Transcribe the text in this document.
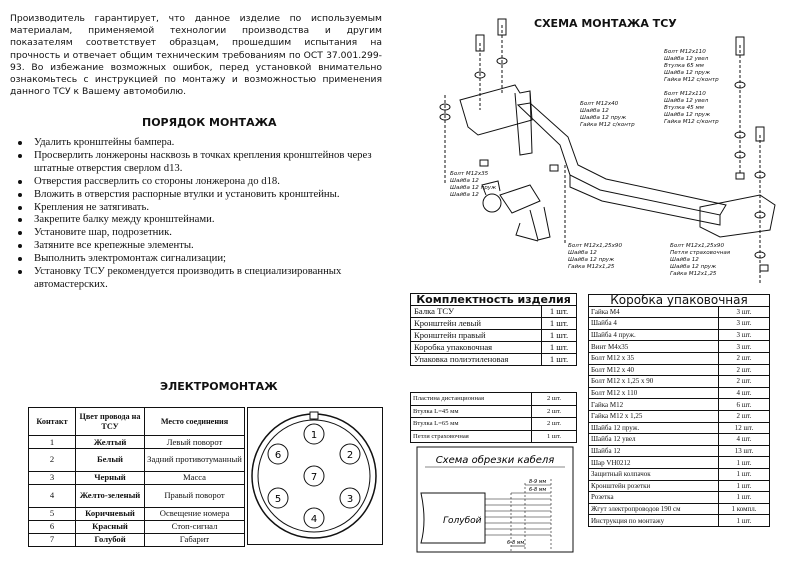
Производитель гарантирует, что данное изделие по используемым материалам, применяемой технологии производства и другим показателям соответствует образцам, прошедшим испытания на прочность и отвечает общим техническим требованиям по ОСТ 37.001.299-93. Во избежание возможных ошибок, перед установкой внимательно ознакомьтесь с инструкцией по монтажу и возможностью применения данного ТСУ к Вашему автомобилю.
ПОРЯДОК МОНТАЖА
Удалить кронштейны бампера.
Просверлить лонжероны насквозь в точках крепления кронштейнов через штатные отверстия сверлом d13.
Отверстия рассверлить со стороны лонжерона до d18.
Вложить в отверстия распорные втулки и установить кронштейны.
Крепления не затягивать.
Закрепите балку между кронштейнами.
Установите шар, подрозетник.
Затяните все крепежные элементы.
Выполнить электромонтаж сигнализации;
Установку ТСУ рекомендуется производить в специализированных автомастерских.
ЭЛЕКТРОМОНТАЖ
Контакт	Цвет провода на ТСУ	Место соединения
1	Желтый	Левый поворот
2	Белый	Задний противотуманный
3	Черный	Масса
4	Желто-зеленый	Правый поворот
5	Коричневый	Освещение номера
6	Красный	Стоп-сигнал
7	Голубой	Габарит
1
6	2
7
5	3
4
СХЕМА МОНТАЖА ТСУ
Болт М12х110
Шайба 12 увел
Втулка 65 мм
Шайба 12 пруж
Гайка М12 с/контр
Болт М12х110
Шайба 12 увел
Втулка 45 мм
Шайба 12 пруж
Гайка М12 с/контр
Болт М12х40
Шайба 12
Шайба 12 пруж
Гайка М12 с/контр
Болт М12х35
Шайба 12
Шайба 12 пруж
Шайба 12
Болт М12х1,25х90
Шайба 12
Шайба 12 пруж
Гайка М12х1,25
Болт М12х1,25х90
Петля страховочная
Шайба 12
Шайба 12 пруж
Гайка М12х1,25
Комплектность изделия	
Балка ТСУ	1 шт.
Кронштейн левый	1 шт.
Кронштейн правый	1 шт.
Коробка упаковочная	1 шт.
Упаковка полиэтиленовая	1 шт.
Пластина дистанционная	2 шт.
Втулка L=45 мм	2 шт.
Втулка L=65 мм	2 шт.
Петля страховочная	1 шт.
Схема обрезки кабеля
Голубой
8-9 мм
6-8 мм
6-8 мм
Коробка упаковочная	
Гайка М4	3 шт.
Шайба 4	3 шт.
Шайба 4 пруж.	3 шт.
Винт М4х35	3 шт.
Болт М12 х 35	2 шт.
Болт М12 х 40	2 шт.
Болт М12 х 1,25 х 90	2 шт.
Болт М12 х 110	4 шт.
Гайка М12	6 шт.
Гайка М12 х 1,25	2 шт.
Шайба 12 пруж.	12 шт.
Шайба 12 увел	4 шт.
Шайба 12	13 шт.
Шар VH0212	1 шт.
Защитный колпачок	1 шт.
Кронштейн розетки	1 шт.
Розетка	1 шт.
Жгут электропроводов 190 см	1 компл.
Инструкция по монтажу	1 шт.
